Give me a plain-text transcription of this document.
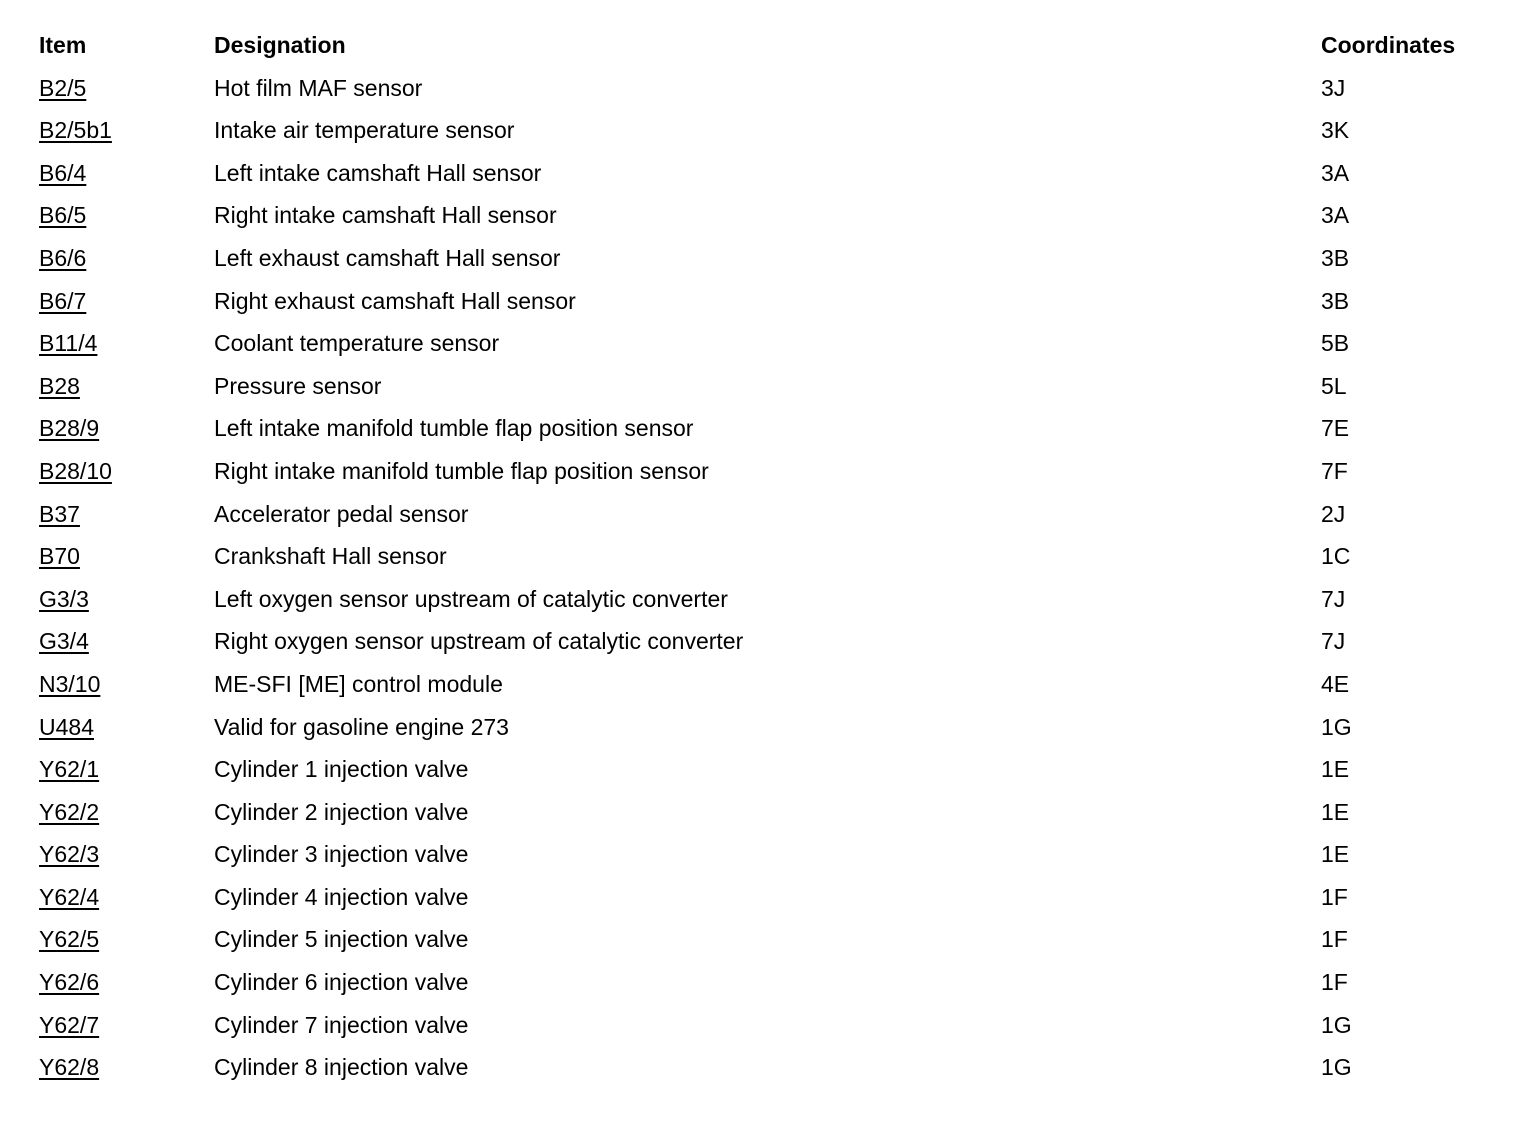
Item	Designation	Coordinates
B2/5	Hot film MAF sensor	3J
B2/5b1	Intake air temperature sensor	3K
B6/4	Left intake camshaft Hall sensor	3A
B6/5	Right intake camshaft Hall sensor	3A
B6/6	Left exhaust camshaft Hall sensor	3B
B6/7	Right exhaust camshaft Hall sensor	3B
B11/4	Coolant temperature sensor	5B
B28	Pressure sensor	5L
B28/9	Left intake manifold tumble flap position sensor	7E
B28/10	Right intake manifold tumble flap position sensor	7F
B37	Accelerator pedal sensor	2J
B70	Crankshaft Hall sensor	1C
G3/3	Left oxygen sensor upstream of catalytic converter	7J
G3/4	Right oxygen sensor upstream of catalytic converter	7J
N3/10	ME-SFI [ME] control module	4E
U484	Valid for gasoline engine 273	1G
Y62/1	Cylinder 1 injection valve	1E
Y62/2	Cylinder 2 injection valve	1E
Y62/3	Cylinder 3 injection valve	1E
Y62/4	Cylinder 4 injection valve	1F
Y62/5	Cylinder 5 injection valve	1F
Y62/6	Cylinder 6 injection valve	1F
Y62/7	Cylinder 7 injection valve	1G
Y62/8	Cylinder 8 injection valve	1G
